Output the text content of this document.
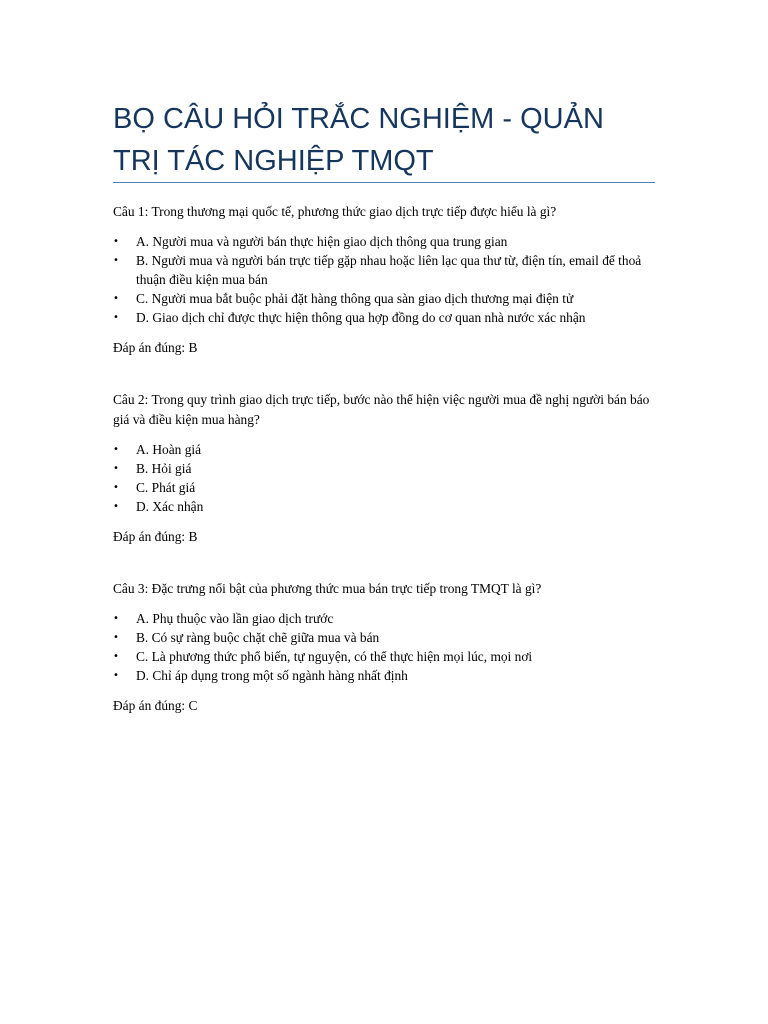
BỌ CÂU HỎI TRẮC NGHIỆM - QUẢN TRỊ TÁC NGHIỆP TMQT

Câu 1: Trong thương mại quốc tế, phương thức giao dịch trực tiếp được hiểu là gì?

• A. Người mua và người bán thực hiện giao dịch thông qua trung gian
• B. Người mua và người bán trực tiếp gặp nhau hoặc liên lạc qua thư từ, điện tín, email để thoả thuận điều kiện mua bán
• C. Người mua bắt buộc phải đặt hàng thông qua sàn giao dịch thương mại điện tử
• D. Giao dịch chỉ được thực hiện thông qua hợp đồng do cơ quan nhà nước xác nhận

Đáp án đúng: B

Câu 2: Trong quy trình giao dịch trực tiếp, bước nào thể hiện việc người mua đề nghị người bán báo giá và điều kiện mua hàng?

• A. Hoàn giá
• B. Hỏi giá
• C. Phát giá
• D. Xác nhận

Đáp án đúng: B

Câu 3: Đặc trưng nổi bật của phương thức mua bán trực tiếp trong TMQT là gì?

• A. Phụ thuộc vào lần giao dịch trước
• B. Có sự ràng buộc chặt chẽ giữa mua và bán
• C. Là phương thức phổ biến, tự nguyện, có thể thực hiện mọi lúc, mọi nơi
• D. Chỉ áp dụng trong một số ngành hàng nhất định

Đáp án đúng: C
